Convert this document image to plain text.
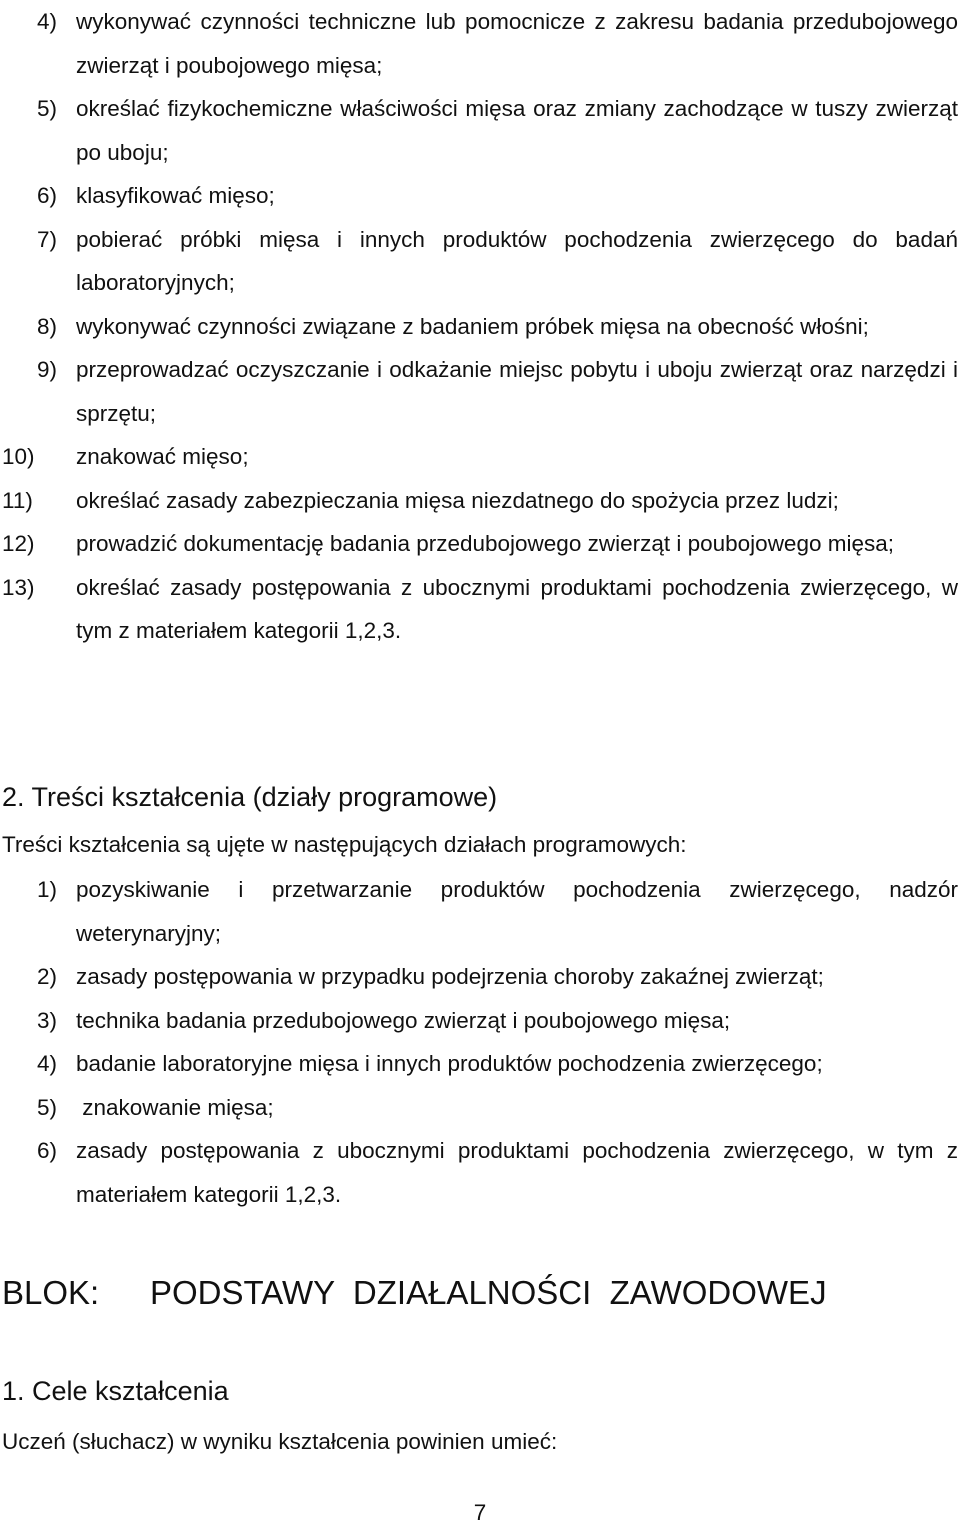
4) wykonywać czynności techniczne lub pomocnicze z zakresu badania przedubojowego zwierząt i poubojowego mięsa;
5) określać fizykochemiczne właściwości mięsa oraz zmiany zachodzące w tuszy zwierząt po uboju;
6) klasyfikować mięso;
7) pobierać próbki mięsa i innych produktów pochodzenia zwierzęcego do badań laboratoryjnych;
8) wykonywać czynności związane z badaniem próbek mięsa na obecność włośni;
9) przeprowadzać oczyszczanie i odkażanie miejsc pobytu i uboju zwierząt oraz narzędzi i sprzętu;
10) znakować mięso;
11) określać zasady zabezpieczania mięsa niezdatnego do spożycia przez ludzi;
12) prowadzić dokumentację badania przedubojowego zwierząt i poubojowego mięsa;
13) określać zasady postępowania z ubocznymi produktami pochodzenia zwierzęcego, w tym z materiałem kategorii 1,2,3.
2. Treści kształcenia (działy programowe)

Treści kształcenia są ujęte w następujących działach programowych:

1) pozyskiwanie i przetwarzanie produktów pochodzenia zwierzęcego, nadzór weterynaryjny;
2) zasady postępowania w przypadku podejrzenia choroby zakaźnej zwierząt;
3) technika badania przedubojowego zwierząt i poubojowego mięsa;
4) badanie laboratoryjne mięsa i innych produktów pochodzenia zwierzęcego;
5) znakowanie mięsa;
6) zasady postępowania z ubocznymi produktami pochodzenia zwierzęcego, w tym z materiałem kategorii 1,2,3.
BLOK: PODSTAWY  DZIAŁALNOŚCI  ZAWODOWEJ
1. Cele kształcenia

Uczeń (słuchacz) w wyniku kształcenia powinien umieć:

7
